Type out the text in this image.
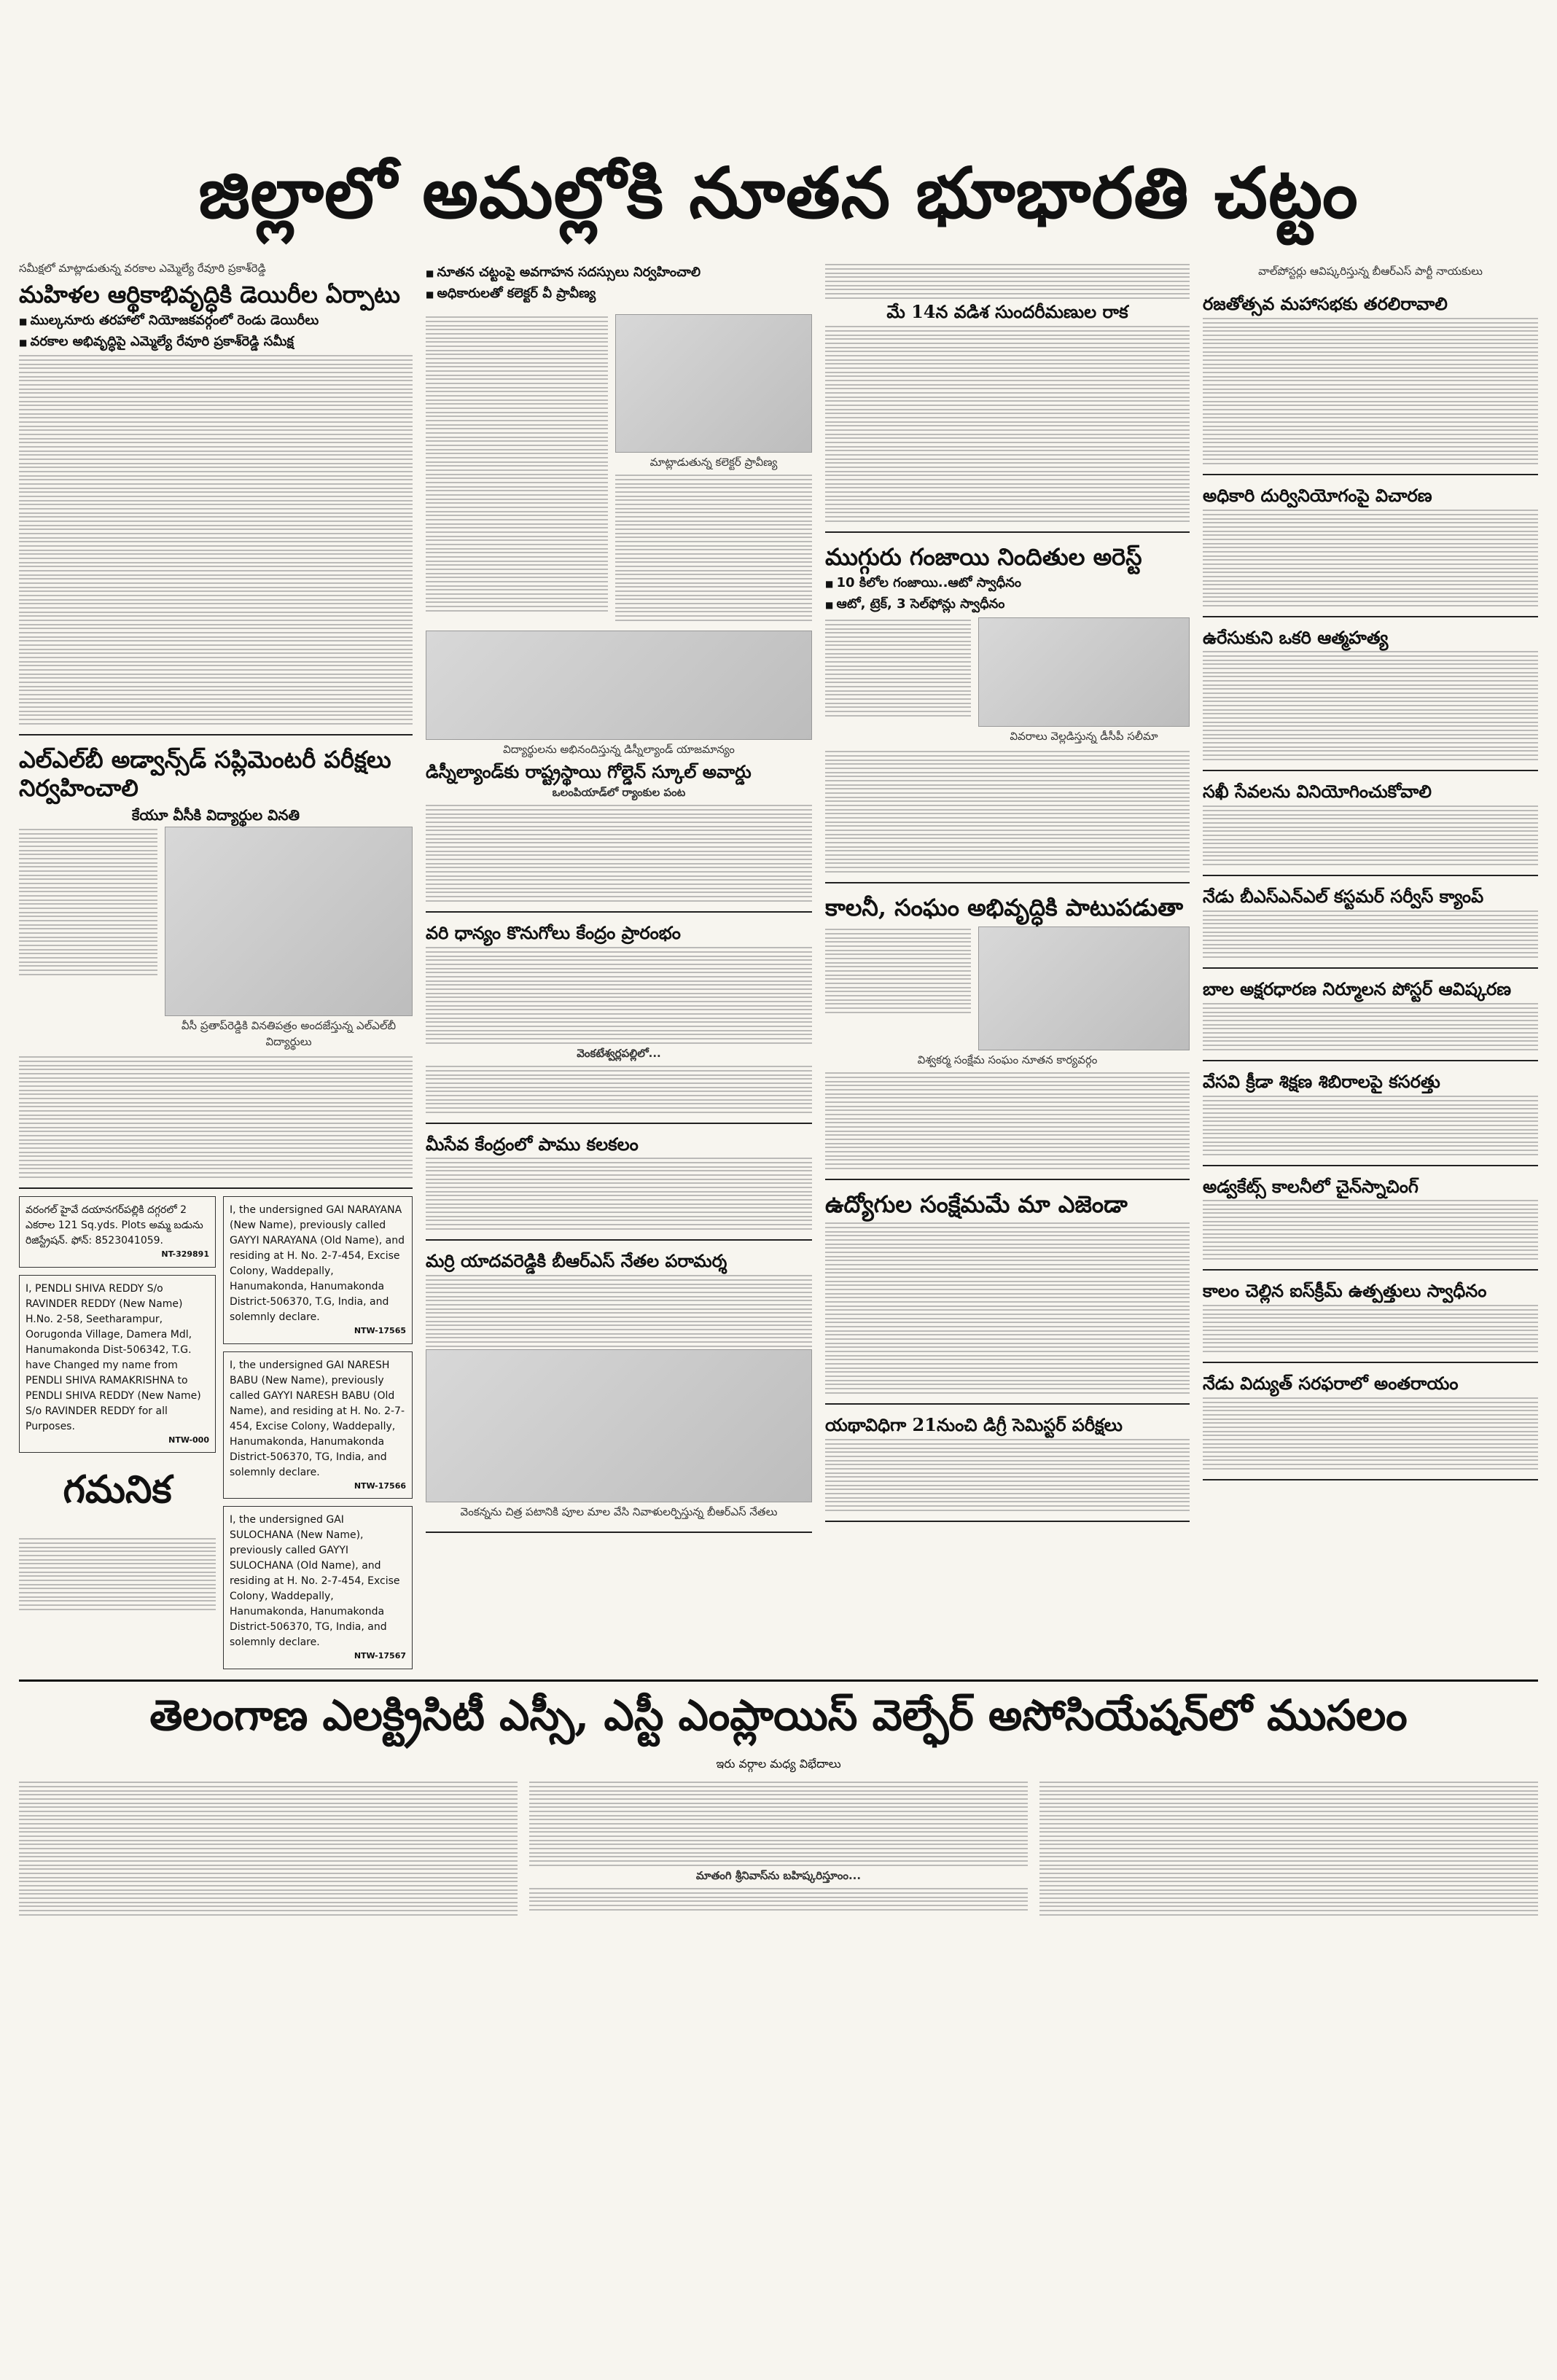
జిల్లాలో అమల్లోకి నూతన భూభారతి చట్టం
సమీక్షలో మాట్లాడుతున్న వరకాల ఎమ్మెల్యే రేవూరి ప్రకాశ్‌రెడ్డి
మహిళల ఆర్థికాభివృద్ధికి డెయిరీల ఏర్పాటు
■ ముల్కనూరు తరహాలో నియోజకవర్గంలో రెండు డెయిరీలు
■ వరకాల అభివృద్ధిపై ఎమ్మెల్యే రేవూరి ప్రకాశ్‌రెడ్డి సమీక్ష
ఎల్ఎల్‌బీ అడ్వాన్స్‌డ్ సప్లిమెంటరీ పరీక్షలు నిర్వహించాలి
కేయూ వీసీకి విద్యార్థుల వినతి
వీసీ ప్రతాప్‌రెడ్డికి వినతిపత్రం అందజేస్తున్న ఎల్ఎల్‌బీ విద్యార్థులు
వరంగల్ హైవే దయానగర్‌పల్లికి దగ్గరలో 2 ఎకరాల 121 Sq.yds. Plots అమ్మ బడును రిజిస్ట్రేషన్. ఫోన్: 8523041059.
NT-329891
I, PENDLI SHIVA REDDY S/o RAVINDER REDDY (New Name) H.No. 2-58, Seetharampur, Oorugonda Village, Damera Mdl, Hanumakonda Dist-506342, T.G. have Changed my name from PENDLI SHIVA RAMAKRISHNA to PENDLI SHIVA REDDY (New Name) S/o RAVINDER REDDY for all Purposes.
NTW-000
గమనిక
I, the undersigned GAI NARAYANA (New Name), previously called GAYYI NARAYANA (Old Name), and residing at H. No. 2-7-454, Excise Colony, Waddepally, Hanumakonda, Hanumakonda District-506370, T.G, India, and solemnly declare.
NTW-17565
I, the undersigned GAI NARESH BABU (New Name), previously called GAYYI NARESH BABU (Old Name), and residing at H. No. 2-7-454, Excise Colony, Waddepally, Hanumakonda, Hanumakonda District-506370, TG, India, and solemnly declare.
NTW-17566
I, the undersigned GAI SULOCHANA (New Name), previously called GAYYI SULOCHANA (Old Name), and residing at H. No. 2-7-454, Excise Colony, Waddepally, Hanumakonda, Hanumakonda District-506370, TG, India, and solemnly declare.
NTW-17567
■ నూతన చట్టంపై అవగాహన సదస్సులు నిర్వహించాలి
■ అధికారులతో కలెక్టర్ వీ ప్రావీణ్య
మాట్లాడుతున్న కలెక్టర్ ప్రావీణ్య
విద్యార్థులను అభినందిస్తున్న డిస్నీల్యాండ్ యాజమాన్యం
డిస్నీల్యాండ్‌కు రాష్ట్రస్థాయి గోల్డెన్ స్కూల్ అవార్డు
ఒలంపియాడ్‌లో ర్యాంకుల పంట
వరి ధాన్యం కొనుగోలు కేంద్రం ప్రారంభం
వెంకటేశ్వర్లపల్లిలో...
మీసేవ కేంద్రంలో పాము కలకలం
మర్రి యాదవరెడ్డికి బీఆర్ఎస్ నేతల పరామర్శ
వెంకన్నను చిత్ర పటానికి పూల మాల వేసి నివాళులర్పిస్తున్న బీఆర్ఎస్ నేతలు
మే 14న వడిశ సుందరీమణుల రాక
ముగ్గురు గంజాయి నిందితుల అరెస్ట్
■ 10 కిలోల గంజాయి..ఆటో స్వాధీనం
■ ఆటో, ట్రెక్, 3 సెల్‌ఫోన్లు స్వాధీనం
వివరాలు వెల్లడిస్తున్న డీసీపీ సలీమా
కాలనీ, సంఘం అభివృద్ధికి పాటుపడుతా
విశ్వకర్మ సంక్షేమ సంఘం నూతన కార్యవర్గం
ఉద్యోగుల సంక్షేమమే మా ఎజెండా
యథావిధిగా 21నుంచి డిగ్రీ సెమిస్టర్ పరీక్షలు
వాల్‌పోస్టర్లు ఆవిష్కరిస్తున్న బీఆర్ఎస్ పార్టీ నాయకులు
రజతోత్సవ మహాసభకు తరలిరావాలి
అధికారి దుర్వినియోగంపై విచారణ
ఉరేసుకుని ఒకరి ఆత్మహత్య
సఖీ సేవలను వినియోగించుకోవాలి
నేడు బీఎస్ఎన్ఎల్ కస్టమర్ సర్వీస్ క్యాంప్
బాల అక్షరధారణ నిర్మూలన పోస్టర్ ఆవిష్కరణ
వేసవి క్రీడా శిక్షణ శిబిరాలపై కసరత్తు
అడ్వకేట్స్ కాలనీలో చైన్‌స్నాచింగ్
కాలం చెల్లిన ఐస్‌క్రీమ్ ఉత్పత్తులు స్వాధీనం
నేడు విద్యుత్ సరఫరాలో అంతరాయం
తెలంగాణ ఎలక్ట్రిసిటీ ఎస్సీ, ఎస్టీ ఎంప్లాయిస్ వెల్ఫేర్ అసోసియేషన్‌లో ముసలం
ఇరు వర్గాల మధ్య విభేదాలు
మాతంగి శ్రీనివాస్‌ను బహిష్కరిస్తూంం...
